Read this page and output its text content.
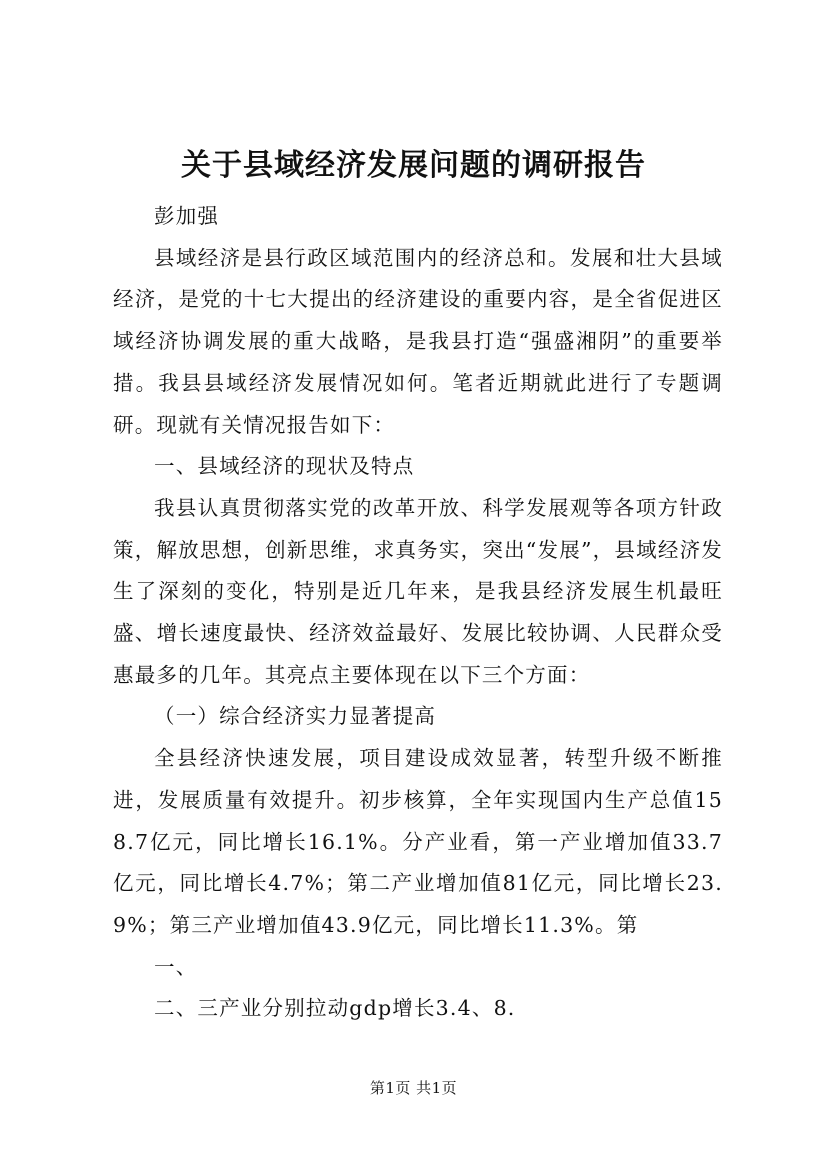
关于县域经济发展问题的调研报告

彭加强

县域经济是县行政区域范围内的经济总和。发展和壮大县域经济，是党的十七大提出的经济建设的重要内容，是全省促进区域经济协调发展的重大战略，是我县打造“强盛湘阴”的重要举措。我县县域经济发展情况如何。笔者近期就此进行了专题调研。现就有关情况报告如下：

一、县域经济的现状及特点

我县认真贯彻落实党的改革开放、科学发展观等各项方针政策，解放思想，创新思维，求真务实，突出“发展”，县域经济发生了深刻的变化，特别是近几年来，是我县经济发展生机最旺盛、增长速度最快、经济效益最好、发展比较协调、人民群众受惠最多的几年。其亮点主要体现在以下三个方面：

（一）综合经济实力显著提高

全县经济快速发展，项目建设成效显著，转型升级不断推进，发展质量有效提升。初步核算，全年实现国内生产总值158.7亿元，同比增长16.1%。分产业看，第一产业增加值33.7亿元，同比增长4.7%；第二产业增加值81亿元，同比增长23.9%；第三产业增加值43.9亿元，同比增长11.3%。第

一、

二、三产业分别拉动gdp增长3.4、8.

第1页 共1页
